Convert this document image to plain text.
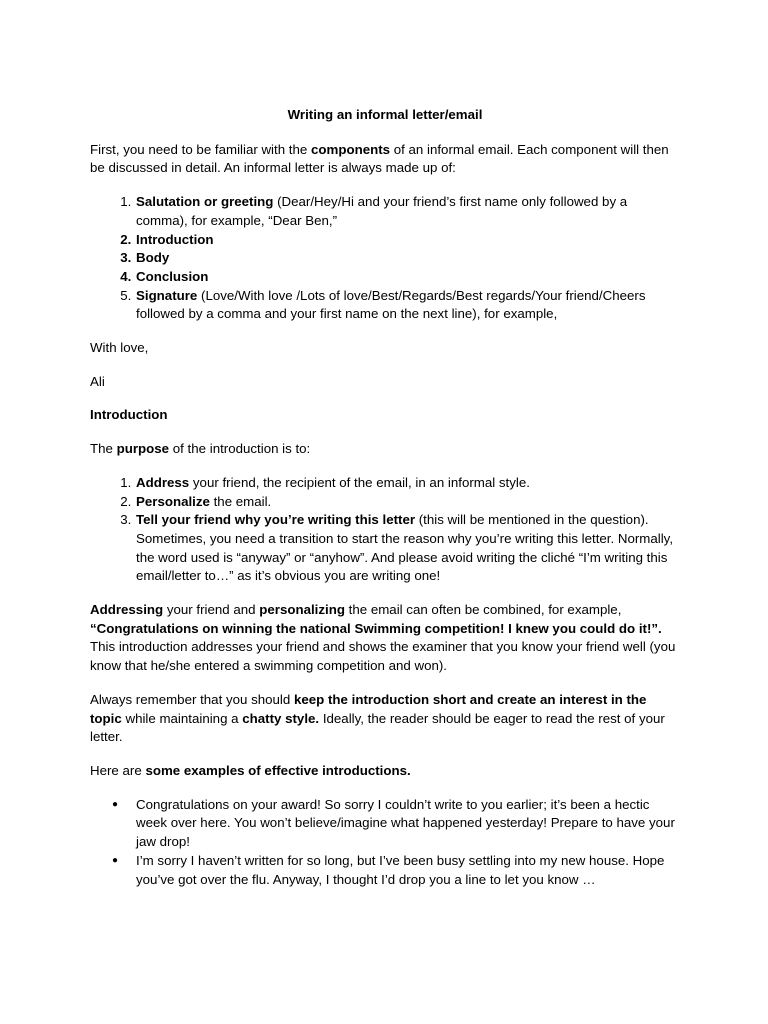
Writing an informal letter/email

First, you need to be familiar with the components of an informal email. Each component will then be discussed in detail. An informal letter is always made up of:

1. Salutation or greeting (Dear/Hey/Hi and your friend’s first name only followed by a comma), for example, “Dear Ben,”
2. Introduction
3. Body
4. Conclusion
5. Signature (Love/With love /Lots of love/Best/Regards/Best regards/Your friend/Cheers followed by a comma and your first name on the next line), for example,

With love,

Ali

Introduction

The purpose of the introduction is to:

1. Address your friend, the recipient of the email, in an informal style.
2. Personalize the email.
3. Tell your friend why you’re writing this letter (this will be mentioned in the question). Sometimes, you need a transition to start the reason why you’re writing this letter. Normally, the word used is “anyway” or “anyhow”. And please avoid writing the cliché “I’m writing this email/letter to…” as it’s obvious you are writing one!

Addressing your friend and personalizing the email can often be combined, for example, “Congratulations on winning the national Swimming competition! I knew you could do it!”. This introduction addresses your friend and shows the examiner that you know your friend well (you know that he/she entered a swimming competition and won).

Always remember that you should keep the introduction short and create an interest in the topic while maintaining a chatty style. Ideally, the reader should be eager to read the rest of your letter.

Here are some examples of effective introductions.

● Congratulations on your award! So sorry I couldn’t write to you earlier; it’s been a hectic week over here. You won’t believe/imagine what happened yesterday! Prepare to have your jaw drop!
● I’m sorry I haven’t written for so long, but I’ve been busy settling into my new house. Hope you’ve got over the flu. Anyway, I thought I’d drop you a line to let you know …
